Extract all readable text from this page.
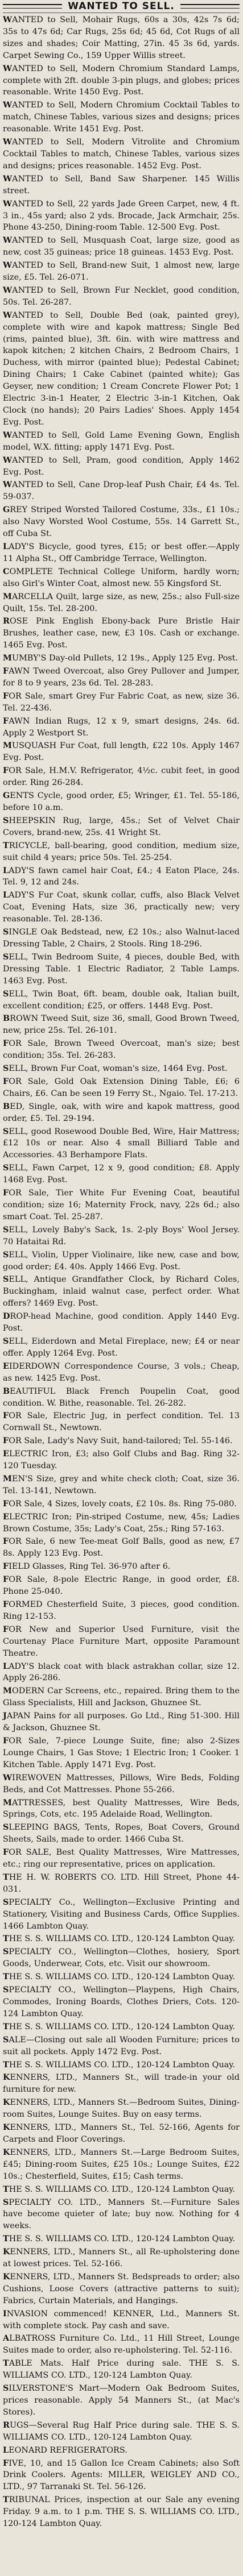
WANTED TO SELL.

WANTED to Sell, Mohair Rugs, 60s a 30s, 42s 7s 6d; 35s to 47s 6d; Car Rugs, 25s 6d; 45 6d, Cot Rugs of all sizes and shades; Coir Matting, 27in. 45 3s 6d, yards. Carpet Sewing Co., 159 Upper Willis street.

WANTED to Sell, Modern Chromium Standard Lamps, complete with 2ft. double 3-pin plugs, and globes; prices reasonable. Write 1450 Evg. Post.

WANTED to Sell, Modern Chromium Cocktail Tables to match, Chinese Tables, various sizes and designs; prices reasonable. Write 1451 Evg. Post.

WANTED to Sell, Modern Vitrolite and Chromium Cocktail Tables to match, Chinese Tables, various sizes and designs; prices reasonable. 1452 Evg. Post.

WANTED to Sell, Band Saw Sharpener. 145 Willis street.

WANTED to Sell, 22 yards Jade Green Carpet, new, 4 ft. 3 in., 45s yard; also 2 yds. Brocade, Jack Armchair, 25s. Phone 43-250, Dining-room Table. 12-500 Evg. Post.

WANTED to Sell, Musquash Coat, large size, good as new, cost 35 guineas; price 18 guineas. 1453 Evg. Post.

WANTED to Sell, Brand-new Suit, 1 almost new, large size, £5. Tel. 26-071.

WANTED to Sell, Brown Fur Necklet, good condition, 50s. Tel. 26-287.

WANTED to Sell, Double Bed (oak, painted grey), complete with wire and kapok mattress; Single Bed (rims, painted blue), 3ft. 6in. with wire mattress and kapok kitchen; 2 kitchen Chairs, 2 Bedroom Chairs, 1 Duchess, with mirror (painted blue); Pedestal Cabinet; Dining Chairs; 1 Cake Cabinet (painted white); Gas Geyser, new condition; 1 Cream Concrete Flower Pot; 1 Electric 3-in-1 Heater, 2 Electric 3-in-1 Kitchen, Oak Clock (no hands); 20 Pairs Ladies' Shoes. Apply 1454 Evg. Post.

WANTED to Sell, Gold Lame Evening Gown, English model, W.X. fitting; apply 1471 Evg. Post.

WANTED to Sell, Pram, good condition, Apply 1462 Evg. Post.

WANTED to Sell, Cane Drop-leaf Push Chair, £4 4s. Tel. 59-037.

GREY Striped Worsted Tailored Costume, 33s., £1 10s.; also Navy Worsted Wool Costume, 55s. 14 Garrett St., off Cuba St.

LADY'S Bicycle, good tyres, £15; or best offer.—Apply 11 Alpha St., Off Cambridge Terrace, Wellington.

COMPLETE Technical College Uniform, hardly worn; also Girl's Winter Coat, almost new. 55 Kingsford St.

MARCELLA Quilt, large size, as new, 25s.; also Full-size Quilt, 15s. Tel. 28-200.

ROSE Pink English Ebony-back Pure Bristle Hair Brushes, leather case, new, £3 10s. Cash or exchange. 1465 Evg. Post.

MUMBY'S Day-old Pullets, 12 19s., Apply 125 Evg. Post.

FAWN Tweed Overcoat, also Grey Pullover and Jumper, for 8 to 9 years, 23s 6d. Tel. 28-283.

FOR Sale, smart Grey Fur Fabric Coat, as new, size 36. Tel. 22-436.

FAWN Indian Rugs, 12 x 9, smart designs, 24s. 6d. Apply 2 Westport St.

MUSQUASH Fur Coat, full length, £22 10s. Apply 1467 Evg. Post.

FOR Sale, H.M.V. Refrigerator, 4½c. cubit feet, in good order. Ring 26-284.

GENTS Cycle, good order, £5; Wringer, £1. Tel. 55-186, before 10 a.m.

SHEEPSKIN Rug, large, 45s.; Set of Velvet Chair Covers, brand-new, 25s. 41 Wright St.

TRICYCLE, ball-bearing, good condition, medium size, suit child 4 years; price 50s. Tel. 25-254.

LADY'S fawn camel hair Coat, £4.; 4 Eaton Place, 24s. Tel. 9, 12 and 24s.

LADY'S Fur Coat, skunk collar, cuffs, also Black Velvet Coat, Evening Hats, size 36, practically new; very reasonable. Tel. 28-136.

SINGLE Oak Bedstead, new, £2 10s.; also Walnut-laced Dressing Table, 2 Chairs, 2 Stools. Ring 18-296.

SELL, Twin Bedroom Suite, 4 pieces, double Bed, with Dressing Table. 1 Electric Radiator, 2 Table Lamps. 1463 Evg. Post.

SELL, Twin Boat, 6ft. beam, double oak, Italian built, excellent condition; £25, or offers. 1448 Evg. Post.

BROWN Tweed Suit, size 36, small, Good Brown Tweed, new, price 25s. Tel. 26-101.

FOR Sale, Brown Tweed Overcoat, man's size; best condition; 35s. Tel. 26-283.

SELL, Brown Fur Coat, woman's size, 1464 Evg. Post.

FOR Sale, Gold Oak Extension Dining Table, £6; 6 Chairs, £6. Can be seen 19 Ferry St., Ngaio. Tel. 17-213.

BED, Single, oak, with wire and kapok mattress, good order, £5. Tel. 29-194.

SELL, good Rosewood Double Bed, Wire, Hair Mattress; £12 10s or near. Also 4 small Billiard Table and Accessories. 43 Berhampore Flats.

SELL, Fawn Carpet, 12 x 9, good condition; £8. Apply 1468 Evg. Post.

FOR Sale, Tier White Fur Evening Coat, beautiful condition; size 16; Maternity Frock, navy, 22s 6d.; also smart Coat. Tel. 25-287.

SELL, Lovely Baby's Sack, 1s. 2-ply Boys' Wool Jersey. 70 Hataitai Rd.

SELL, Violin, Upper Violinaire, like new, case and bow, good order; £4. 40s. Apply 1466 Evg. Post.

SELL, Antique Grandfather Clock, by Richard Coles, Buckingham, inlaid walnut case, perfect order. What offers? 1469 Evg. Post.

DROP-head Machine, good condition. Apply 1440 Evg. Post.

SELL, Eiderdown and Metal Fireplace, new; £4 or near offer. Apply 1264 Evg. Post.

EIDERDOWN Correspondence Course, 3 vols.; Cheap, as new. 1425 Evg. Post.

BEAUTIFUL Black French Poupelin Coat, good condition. W. Bithe, reasonable. Tel. 26-282.

FOR Sale, Electric Jug, in perfect condition. Tel. 13 Cornwall St., Newtown.

FOR Sale, Lady's Navy Suit, hand-tailored; Tel. 55-146.

ELECTRIC Iron, £3; also Golf Clubs and Bag. Ring 32-120 Tuesday.

MEN'S Size, grey and white check cloth; Coat, size 36. Tel. 13-141, Newtown.

FOR Sale, 4 Sizes, lovely coats, £2 10s. 8s. Ring 75-080.

ELECTRIC Iron; Pin-striped Costume, new, 45s; Ladies Brown Costume, 35s; Lady's Coat, 25s.; Ring 57-163.

FOR Sale, 6 new Tee-meat Golf Balls, good as new, £7 8s. Apply 123 Evg. Post.

FIELD Glasses, Ring Tel. 36-970 after 6.

FOR Sale, 8-pole Electric Range, in good order, £8. Phone 25-040.

FORMED Chesterfield Suite, 3 pieces, good condition. Ring 12-153.

FOR New and Superior Used Furniture, visit the Courtenay Place Furniture Mart, opposite Paramount Theatre.

LADY'S black coat with black astrakhan collar, size 12. Apply 26-286.

MODERN Car Screens, etc., repaired. Bring them to the Glass Specialists, Hill and Jackson, Ghuznee St.

JAPAN Pains for all purposes. Go Ltd., Ring 51-300. Hill & Jackson, Ghuznee St.

FOR Sale, 7-piece Lounge Suite, fine; also 2-Sizes Lounge Chairs, 1 Gas Stove; 1 Electric Iron; 1 Cooker. 1 Kitchen Table. Apply 1471 Evg. Post.

WIREWOVEN Mattresses, Pillows, Wire Beds, Folding Beds, and Cot Mattresses. Phone 55-266.

MATTRESSES, best Quality Mattresses, Wire Beds, Springs, Cots, etc. 195 Adelaide Road, Wellington.

SLEEPING BAGS, Tents, Ropes, Boat Covers, Ground Sheets, Sails, made to order. 1466 Cuba St.

FOR SALE, Best Quality Mattresses, Wire Mattresses, etc.; ring our representative, prices on application.

THE H. W. ROBERTS CO. LTD. Hill Street, Phone 44-031.

SPECIALTY Co., Wellington—Exclusive Printing and Stationery, Visiting and Business Cards, Office Supplies. 1466 Lambton Quay.

THE S. S. WILLIAMS CO. LTD., 120-124 Lambton Quay.

SPECIALTY CO., Wellington—Clothes, hosiery, Sport Goods, Underwear, Cots, etc. Visit our showroom.

THE S. S. WILLIAMS CO. LTD., 120-124 Lambton Quay.

SPECIALTY CO., Wellington—Playpens, High Chairs, Commodes, Ironing Boards, Clothes Driers, Cots. 120-124 Lambton Quay.

THE S. S. WILLIAMS CO. LTD., 120-124 Lambton Quay.

SALE—Closing out sale all Wooden Furniture; prices to suit all pockets. Apply 1472 Evg. Post.

THE S. S. WILLIAMS CO. LTD., 120-124 Lambton Quay.

KENNERS, LTD., Manners St., will trade-in your old furniture for new.

KENNERS, LTD., Manners St.—Bedroom Suites, Dining-room Suites, Lounge Suites. Buy on easy terms.

KENNERS, LTD., Manners St., Tel. 52-166, Agents for Carpets and Floor Coverings.

KENNERS, LTD., Manners St.—Large Bedroom Suites, £45; Dining-room Suites, £25 10s.; Lounge Suites, £22 10s.; Chesterfield, Suites, £15; Cash terms.

THE S. S. WILLIAMS CO. LTD., 120-124 Lambton Quay.

SPECIALTY CO. LTD., Manners St.—Furniture Sales have become quieter of late; buy now. Nothing for 4 weeks.

THE S. S. WILLIAMS CO. LTD., 120-124 Lambton Quay.

KENNERS, LTD., Manners St., all Re-upholstering done at lowest prices. Tel. 52-166.

KENNERS, LTD., Manners St. Bedspreads to order; also Cushions, Loose Covers (attractive patterns to suit); Fabrics, Curtain Materials, and Hangings.

INVASION commenced! KENNER, Ltd., Manners St. with complete stock. Pay cash and save.

ALBATROSS Furniture Co. Ltd., 11 Hill Street, Lounge Suites made to order, also re-upholstering. Tel. 52-116.

TABLE Mats. Half Price during sale. THE S. S. WILLIAMS CO. LTD., 120-124 Lambton Quay.

SILVERSTONE'S Mart—Modern Oak Bedroom Suites, prices reasonable. Apply 54 Manners St., (at Mac's Stores).

RUGS—Several Rug Half Price during sale. THE S. S. WILLIAMS CO. LTD., 120-124 Lambton Quay.

LEONARD REFRIGERATORS.

FIVE, 10, and 15 Gallon Ice Cream Cabinets; also Soft Drink Coolers. Agents: MILLER, WEIGLEY AND CO., LTD., 97 Tarranaki St. Tel. 56-126.

TRIBUNAL Prices, inspection at our Sale any evening Friday. 9 a.m. to 1 p.m. THE S. S. WILLIAMS CO. LTD., 120-124 Lambton Quay.
